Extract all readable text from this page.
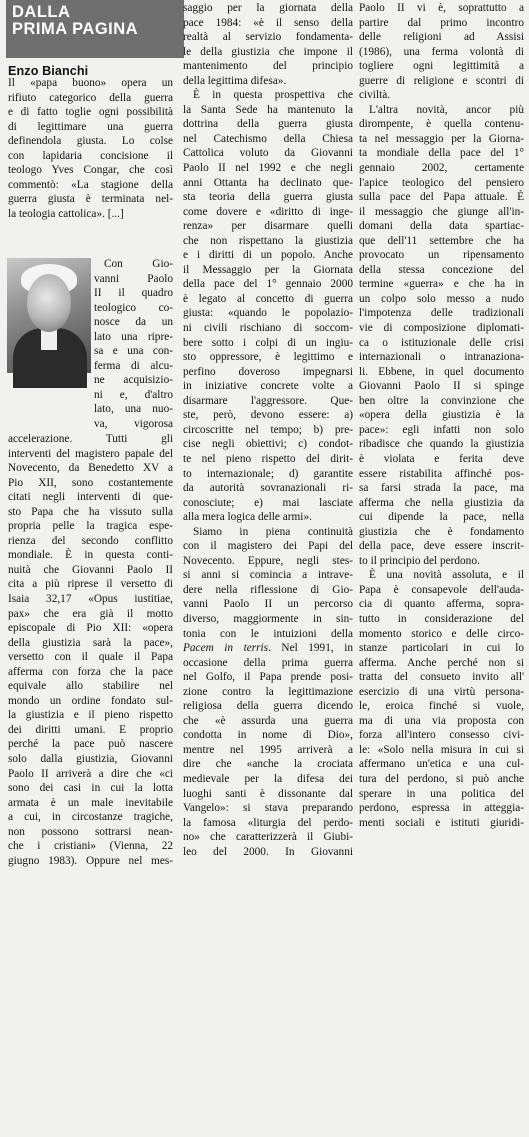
DALLA
PRIMA PAGINA
Enzo Bianchi
Il «papa buono» opera un
rifiuto categorico della guerra
e di fatto toglie ogni possibilità
di legittimare una guerra
definendola giusta. Lo colse
con lapidaria concisione il
teologo Yves Congar, che così
commentò: «La stagione della
guerra giusta è terminata nel-
la teologia cattolica». [...]
Con Gio-
vanni Paolo
II il quadro
teologico co-
nosce da un
lato una ripre-
sa e una con-
ferma di alcu-
ne acquisizio-
ni e, d'altro
lato, una nuo-
va, vigorosa
accelerazione. Tutti gli
interventi del magistero papale del
Novecento, da Benedetto XV a
Pio XII, sono costantemente
citati negli interventi di que-
sto Papa che ha vissuto sulla
propria pelle la tragica espe-
rienza del secondo conflitto
mondiale. È in questa conti-
nuità che Giovanni Paolo II
cita a più riprese il versetto di
Isaia 32,17 «Opus iustitiae,
pax» che era già il motto
episcopale di Pio XII: «opera
della giustizia sarà la pace»,
versetto con il quale il Papa
afferma con forza che la pace
equivale allo stabilire nel
mondo un ordine fondato sul-
la giustizia e il pieno rispetto
dei diritti umani. E proprio
perché la pace può nascere
solo dalla giustizia, Giovanni
Paolo II arriverà a dire che «ci
sono dei casi in cui la lotta
armata è un male inevitabile
a cui, in circostanze tragiche,
non possono sottrarsi nean-
che i cristiani» (Vienna, 22
giugno 1983). Oppure nel mes-
saggio per la giornata della
pace 1984: «è il senso della
realtà al servizio fondamenta-
le della giustizia che impone il
mantenimento del principio
della legittima difesa».
È in questa prospettiva che
la Santa Sede ha mantenuto la
dottrina della guerra giusta
nel Catechismo della Chiesa
Cattolica voluto da Giovanni
Paolo II nel 1992 e che negli
anni Ottanta ha declinato que-
sta teoria della guerra giusta
come dovere e «diritto di inge-
renza» per disarmare quelli
che non rispettano la giustizia
e i diritti di un popolo. Anche
il Messaggio per la Giornata
della pace del 1° gennaio 2000
è legato al concetto di guerra
giusta: «quando le popolazio-
ni civili rischiano di soccom-
bere sotto i colpi di un ingiu-
sto oppressore, è legittimo e
perfino doveroso impegnarsi
in iniziative concrete volte a
disarmare l'aggressore. Que-
ste, però, devono essere: a)
circoscritte nel tempo; b) pre-
cise negli obiettivi; c) condot-
te nel pieno rispetto del dirit-
to internazionale; d) garantite
da autorità sovranazionali ri-
conosciute; e) mai lasciate
alla mera logica delle armi».
Siamo in piena continuità
con il magistero dei Papi del
Novecento. Eppure, negli stes-
si anni si comincia a intrave-
dere nella riflessione di Gio-
vanni Paolo II un percorso
diverso, maggiormente in sin-
tonia con le intuizioni della
Pacem in terris. Nel 1991, in
occasione della prima guerra
nel Golfo, il Papa prende posi-
zione contro la legittimazione
religiosa della guerra dicendo
che «è assurda una guerra
condotta in nome di Dio»,
mentre nel 1995 arriverà a
dire che «anche la crociata
medievale per la difesa dei
luoghi santi è dissonante dal
Vangelo»: si stava preparando
la famosa «liturgia del perdo-
no» che caratterizzerà il Giubi-
leo del 2000. In Giovanni
Paolo II vi è, soprattutto a
partire dal primo incontro
delle religioni ad Assisi
(1986), una ferma volontà di
togliere ogni legittimità a
guerre di religione e scontri di
civiltà.
L'altra novità, ancor più
dirompente, è quella contenu-
ta nel messaggio per la Giorna-
ta mondiale della pace del 1°
gennaio 2002, certamente
l'apice teologico del pensiero
sulla pace del Papa attuale. È
il messaggio che giunge all'in-
domani della data spartiac-
que dell'11 settembre che ha
provocato un ripensamento
della stessa concezione del
termine «guerra» e che ha in
un colpo solo messo a nudo
l'impotenza delle tradizionali
vie di composizione diplomati-
ca o istituzionale delle crisi
internazionali o intranaziona-
li. Ebbene, in quel documento
Giovanni Paolo II si spinge
ben oltre la convinzione che
«opera della giustizia è la
pace»: egli infatti non solo
ribadisce che quando la giustizia
è violata e ferita deve
essere ristabilita affinché pos-
sa farsi strada la pace, ma
afferma che nella giustizia da
cui dipende la pace, nella
giustizia che è fondamento
della pace, deve essere inscrit-
to il principio del perdono.
È una novità assoluta, e il
Papa è consapevole dell'auda-
cia di quanto afferma, sopra-
tutto in considerazione del
momento storico e delle circo-
stanze particolari in cui lo
afferma. Anche perché non si
tratta del consueto invito all'
esercizio di una virtù persona-
le, eroica finché si vuole,
ma di una via proposta con
forza all'intero consesso civi-
le: «Solo nella misura in cui si
affermano un'etica e una cul-
tura del perdono, si può anche
sperare in una politica del
perdono, espressa in atteggia-
menti sociali e istituti giuridi-
